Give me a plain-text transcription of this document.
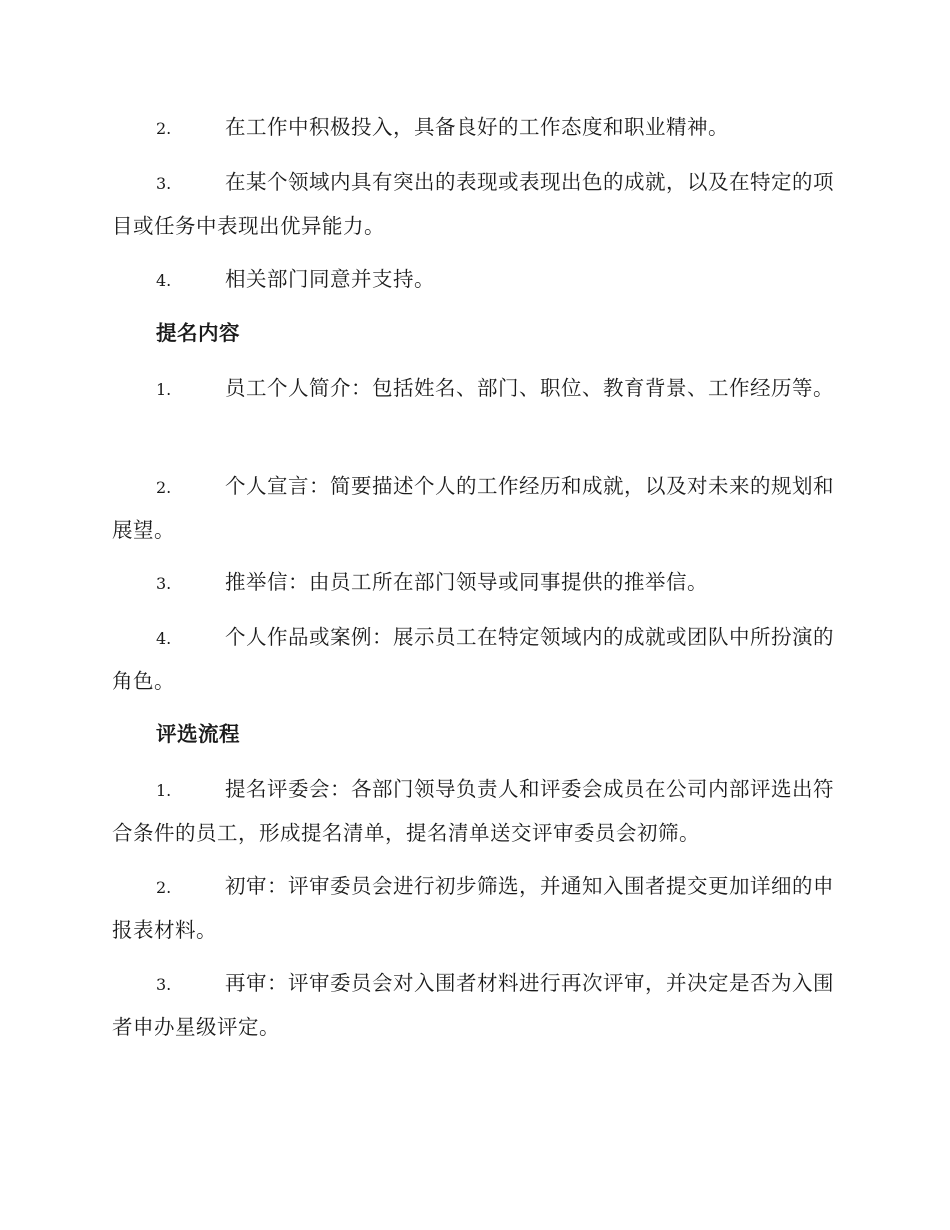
2.	在工作中积极投入，具备良好的工作态度和职业精神。

3.	在某个领域内具有突出的表现或表现出色的成就，以及在特定的项目或任务中表现出优异能力。

4.	相关部门同意并支持。

提名内容

1.	员工个人简介：包括姓名、部门、职位、教育背景、工作经历等。

2.	个人宣言：简要描述个人的工作经历和成就，以及对未来的规划和展望。

3.	推举信：由员工所在部门领导或同事提供的推举信。

4.	个人作品或案例：展示员工在特定领域内的成就或团队中所扮演的角色。

评选流程

1.	提名评委会：各部门领导负责人和评委会成员在公司内部评选出符合条件的员工，形成提名清单，提名清单送交评审委员会初筛。

2.	初审：评审委员会进行初步筛选，并通知入围者提交更加详细的申报表材料。

3.	再审：评审委员会对入围者材料进行再次评审，并决定是否为入围者申办星级评定。
